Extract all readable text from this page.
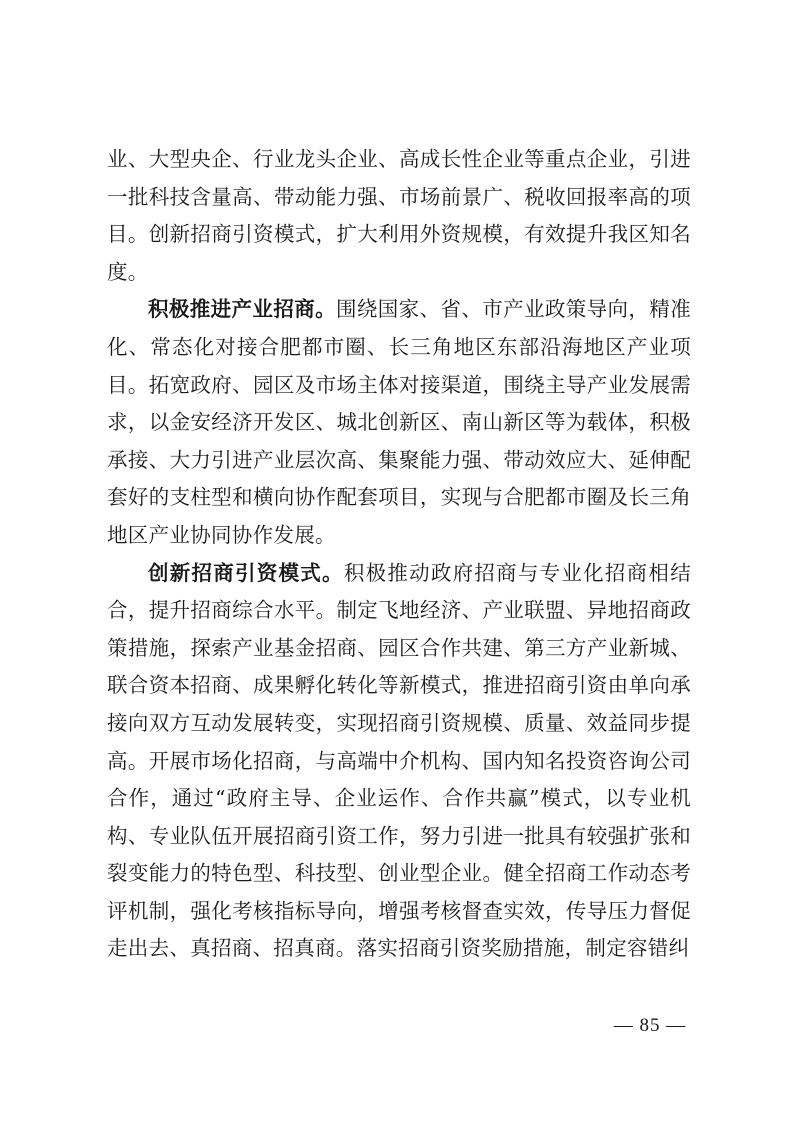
业、大型央企、行业龙头企业、高成长性企业等重点企业，引进一批科技含量高、带动能力强、市场前景广、税收回报率高的项目。创新招商引资模式，扩大利用外资规模，有效提升我区知名度。

积极推进产业招商。围绕国家、省、市产业政策导向，精准化、常态化对接合肥都市圈、长三角地区东部沿海地区产业项目。拓宽政府、园区及市场主体对接渠道，围绕主导产业发展需求，以金安经济开发区、城北创新区、南山新区等为载体，积极承接、大力引进产业层次高、集聚能力强、带动效应大、延伸配套好的支柱型和横向协作配套项目，实现与合肥都市圈及长三角地区产业协同协作发展。

创新招商引资模式。积极推动政府招商与专业化招商相结合，提升招商综合水平。制定飞地经济、产业联盟、异地招商政策措施，探索产业基金招商、园区合作共建、第三方产业新城、联合资本招商、成果孵化转化等新模式，推进招商引资由单向承接向双方互动发展转变，实现招商引资规模、质量、效益同步提高。开展市场化招商，与高端中介机构、国内知名投资咨询公司合作，通过“政府主导、企业运作、合作共赢”模式，以专业机构、专业队伍开展招商引资工作，努力引进一批具有较强扩张和裂变能力的特色型、科技型、创业型企业。健全招商工作动态考评机制，强化考核指标导向，增强考核督查实效，传导压力督促走出去、真招商、招真商。落实招商引资奖励措施，制定容错纠

— 85 —
